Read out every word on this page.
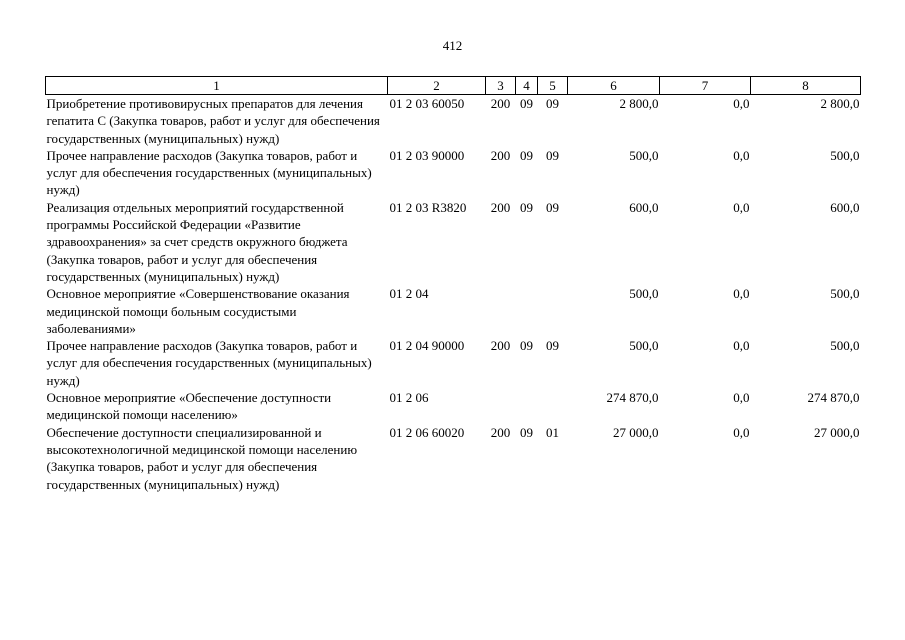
412
1	2	3	4	5	6	7	8
Приобретение противовирусных препаратов для лечения гепатита С (Закупка товаров, работ и услуг для обеспечения государственных (муниципальных) нужд)	01 2 03 60050	200	09	09	2 800,0	0,0	2 800,0
Прочее направление расходов (Закупка товаров, работ и услуг для обеспечения государственных (муниципальных) нужд)	01 2 03 90000	200	09	09	500,0	0,0	500,0
Реализация отдельных мероприятий государственной программы Российской Федерации «Развитие здравоохранения» за счет средств окружного бюджета (Закупка товаров, работ и услуг для обеспечения государственных (муниципальных) нужд)	01 2 03 R3820	200	09	09	600,0	0,0	600,0
Основное мероприятие «Совершенствование оказания медицинской помощи больным сосудистыми заболеваниями»	01 2 04				500,0	0,0	500,0
Прочее направление расходов (Закупка товаров, работ и услуг для обеспечения государственных (муниципальных) нужд)	01 2 04 90000	200	09	09	500,0	0,0	500,0
Основное мероприятие «Обеспечение доступности медицинской помощи населению»	01 2 06				274 870,0	0,0	274 870,0
Обеспечение доступности специализированной и высокотехнологичной медицинской помощи населению (Закупка товаров, работ и услуг для обеспечения государственных (муниципальных) нужд)	01 2 06 60020	200	09	01	27 000,0	0,0	27 000,0
